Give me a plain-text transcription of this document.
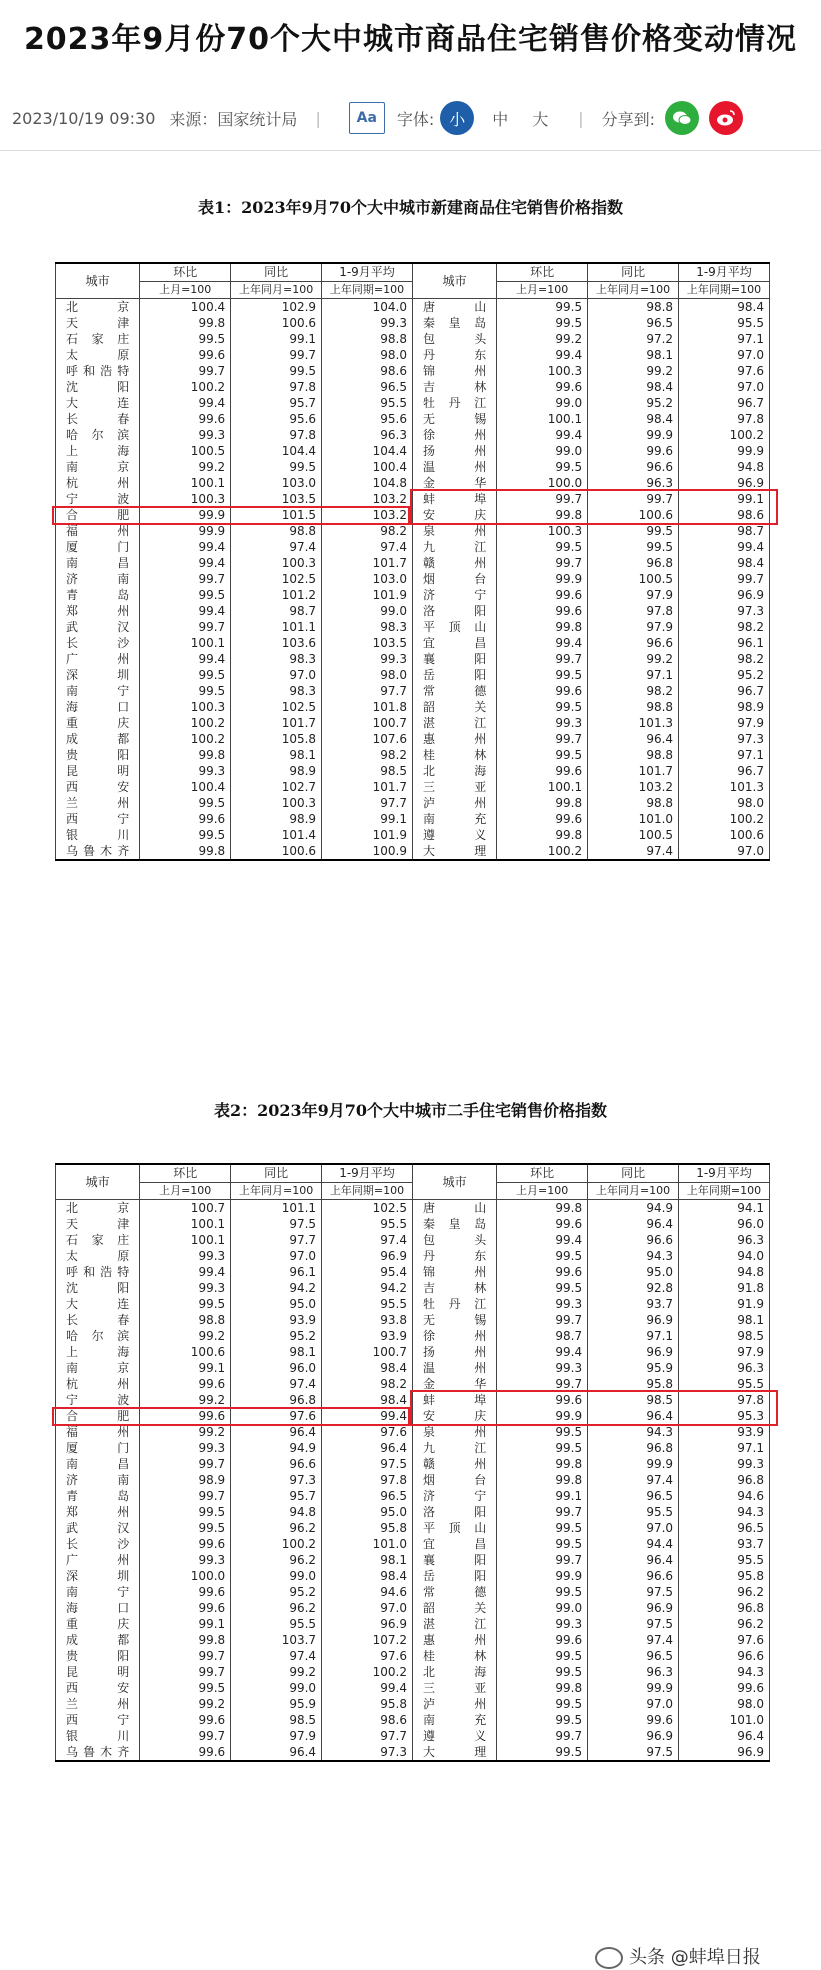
2023年9月份70个大中城市商品住宅销售价格变动情况
2023/10/19 09:30 来源：国家统计局 |	Aa	字体: 小	中 大 | 分享到:
表1：2023年9月70个大中城市新建商品住宅销售价格指数
城市	环比	同比	1-9月平均	城市	环比	同比	1-9月平均
	上月=100	上年同月=100	上年同期=100		上月=100	上年同月=100	上年同期=100
北京	100.4	102.9	104.0	唐山	99.5	98.8	98.4
天津	99.8	100.6	99.3	秦皇岛	99.5	96.5	95.5
石家庄	99.5	99.1	98.8	包头	99.2	97.2	97.1
太原	99.6	99.7	98.0	丹东	99.4	98.1	97.0
呼和浩特	99.7	99.5	98.6	锦州	100.3	99.2	97.6
沈阳	100.2	97.8	96.5	吉林	99.6	98.4	97.0
大连	99.4	95.7	95.5	牡丹江	99.0	95.2	96.7
长春	99.6	95.6	95.6	无锡	100.1	98.4	97.8
哈尔滨	99.3	97.8	96.3	徐州	99.4	99.9	100.2
上海	100.5	104.4	104.4	扬州	99.0	99.6	99.9
南京	99.2	99.5	100.4	温州	99.5	96.6	94.8
杭州	100.1	103.0	104.8	金华	100.0	96.3	96.9
宁波	100.3	103.5	103.2	蚌埠	99.7	99.7	99.1
合肥	99.9	101.5	103.2	安庆	99.8	100.6	98.6
福州	99.9	98.8	98.2	泉州	100.3	99.5	98.7
厦门	99.4	97.4	97.4	九江	99.5	99.5	99.4
南昌	99.4	100.3	101.7	赣州	99.7	96.8	98.4
济南	99.7	102.5	103.0	烟台	99.9	100.5	99.7
青岛	99.5	101.2	101.9	济宁	99.6	97.9	96.9
郑州	99.4	98.7	99.0	洛阳	99.6	97.8	97.3
武汉	99.7	101.1	98.3	平顶山	99.8	97.9	98.2
长沙	100.1	103.6	103.5	宜昌	99.4	96.6	96.1
广州	99.4	98.3	99.3	襄阳	99.7	99.2	98.2
深圳	99.5	97.0	98.0	岳阳	99.5	97.1	95.2
南宁	99.5	98.3	97.7	常德	99.6	98.2	96.7
海口	100.3	102.5	101.8	韶关	99.5	98.8	98.9
重庆	100.2	101.7	100.7	湛江	99.3	101.3	97.9
成都	100.2	105.8	107.6	惠州	99.7	96.4	97.3
贵阳	99.8	98.1	98.2	桂林	99.5	98.8	97.1
昆明	99.3	98.9	98.5	北海	99.6	101.7	96.7
西安	100.4	102.7	101.7	三亚	100.1	103.2	101.3
兰州	99.5	100.3	97.7	泸州	99.8	98.8	98.0
西宁	99.6	98.9	99.1	南充	99.6	101.0	100.2
银川	99.5	101.4	101.9	遵义	99.8	100.5	100.6
乌鲁木齐	99.8	100.6	100.9	大理	100.2	97.4	97.0
表2：2023年9月70个大中城市二手住宅销售价格指数
城市	环比	同比	1-9月平均	城市	环比	同比	1-9月平均
	上月=100	上年同月=100	上年同期=100		上月=100	上年同月=100	上年同期=100
北京	100.7	101.1	102.5	唐山	99.8	94.9	94.1
天津	100.1	97.5	95.5	秦皇岛	99.6	96.4	96.0
石家庄	100.1	97.7	97.4	包头	99.4	96.6	96.3
太原	99.3	97.0	96.9	丹东	99.5	94.3	94.0
呼和浩特	99.4	96.1	95.4	锦州	99.6	95.0	94.8
沈阳	99.3	94.2	94.2	吉林	99.5	92.8	91.8
大连	99.5	95.0	95.5	牡丹江	99.3	93.7	91.9
长春	98.8	93.9	93.8	无锡	99.7	96.9	98.1
哈尔滨	99.2	95.2	93.9	徐州	98.7	97.1	98.5
上海	100.6	98.1	100.7	扬州	99.4	96.9	97.9
南京	99.1	96.0	98.4	温州	99.3	95.9	96.3
杭州	99.6	97.4	98.2	金华	99.7	95.8	95.5
宁波	99.2	96.8	98.4	蚌埠	99.6	98.5	97.8
合肥	99.6	97.6	99.4	安庆	99.9	96.4	95.3
福州	99.2	96.4	97.6	泉州	99.5	94.3	93.9
厦门	99.3	94.9	96.4	九江	99.5	96.8	97.1
南昌	99.7	96.6	97.5	赣州	99.8	99.9	99.3
济南	98.9	97.3	97.8	烟台	99.8	97.4	96.8
青岛	99.7	95.7	96.5	济宁	99.1	96.5	94.6
郑州	99.5	94.8	95.0	洛阳	99.7	95.5	94.3
武汉	99.5	96.2	95.8	平顶山	99.5	97.0	96.5
长沙	99.6	100.2	101.0	宜昌	99.5	94.4	93.7
广州	99.3	96.2	98.1	襄阳	99.7	96.4	95.5
深圳	100.0	99.0	98.4	岳阳	99.9	96.6	95.8
南宁	99.6	95.2	94.6	常德	99.5	97.5	96.2
海口	99.6	96.2	97.0	韶关	99.0	96.9	96.8
重庆	99.1	95.5	96.9	湛江	99.3	97.5	96.2
成都	99.8	103.7	107.2	惠州	99.6	97.4	97.6
贵阳	99.7	97.4	97.6	桂林	99.5	96.5	96.6
昆明	99.7	99.2	100.2	北海	99.5	96.3	94.3
西安	99.5	99.0	99.4	三亚	99.8	99.9	99.6
兰州	99.2	95.9	95.8	泸州	99.5	97.0	98.0
西宁	99.6	98.5	98.6	南充	99.5	99.6	101.0
银川	99.7	97.9	97.7	遵义	99.7	96.9	96.4
乌鲁木齐	99.6	96.4	97.3	大理	99.5	97.5	96.9
头条 @蚌埠日报
